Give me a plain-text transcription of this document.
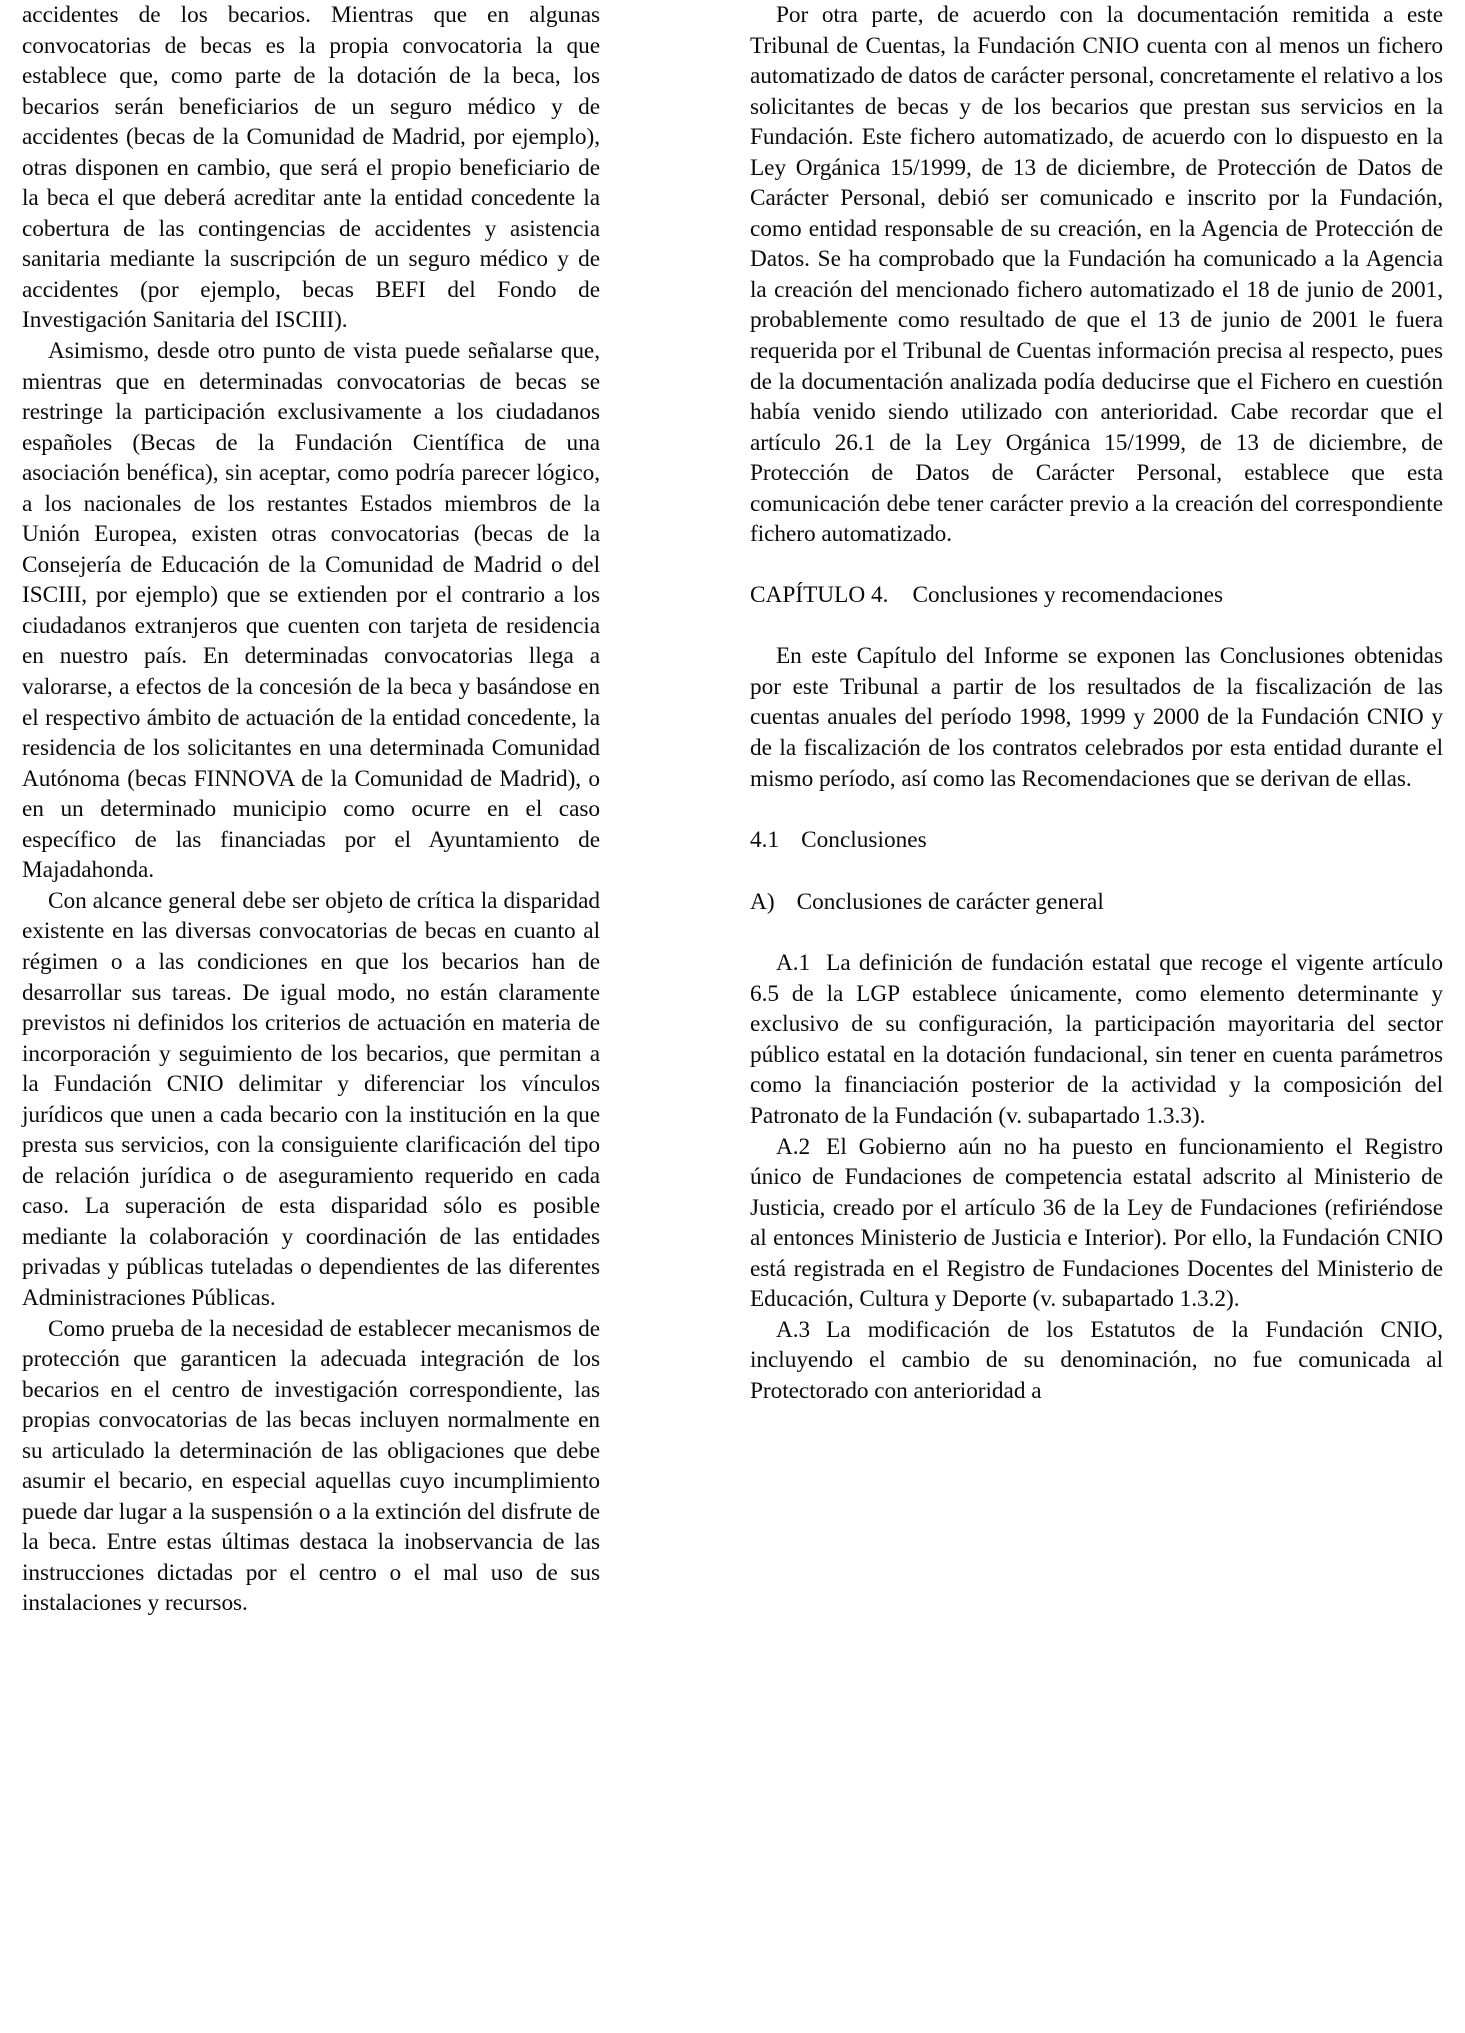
accidentes de los becarios. Mientras que en algunas convocatorias de becas es la propia convocatoria la que establece que, como parte de la dotación de la beca, los becarios serán beneficiarios de un seguro médico y de accidentes (becas de la Comunidad de Madrid, por ejemplo), otras disponen en cambio, que será el propio beneficiario de la beca el que deberá acreditar ante la entidad concedente la cobertura de las contingencias de accidentes y asistencia sanitaria mediante la suscripción de un seguro médico y de accidentes (por ejemplo, becas BEFI del Fondo de Investigación Sanitaria del ISCIII).

Asimismo, desde otro punto de vista puede señalarse que, mientras que en determinadas convocatorias de becas se restringe la participación exclusivamente a los ciudadanos españoles (Becas de la Fundación Científica de una asociación benéfica), sin aceptar, como podría parecer lógico, a los nacionales de los restantes Estados miembros de la Unión Europea, existen otras convocatorias (becas de la Consejería de Educación de la Comunidad de Madrid o del ISCIII, por ejemplo) que se extienden por el contrario a los ciudadanos extranjeros que cuenten con tarjeta de residencia en nuestro país. En determinadas convocatorias llega a valorarse, a efectos de la concesión de la beca y basándose en el respectivo ámbito de actuación de la entidad concedente, la residencia de los solicitantes en una determinada Comunidad Autónoma (becas FINNOVA de la Comunidad de Madrid), o en un determinado municipio como ocurre en el caso específico de las financiadas por el Ayuntamiento de Majadahonda.

Con alcance general debe ser objeto de crítica la disparidad existente en las diversas convocatorias de becas en cuanto al régimen o a las condiciones en que los becarios han de desarrollar sus tareas. De igual modo, no están claramente previstos ni definidos los criterios de actuación en materia de incorporación y seguimiento de los becarios, que permitan a la Fundación CNIO delimitar y diferenciar los vínculos jurídicos que unen a cada becario con la institución en la que presta sus servicios, con la consiguiente clarificación del tipo de relación jurídica o de aseguramiento requerido en cada caso. La superación de esta disparidad sólo es posible mediante la colaboración y coordinación de las entidades privadas y públicas tuteladas o dependientes de las diferentes Administraciones Públicas.

Como prueba de la necesidad de establecer mecanismos de protección que garanticen la adecuada integración de los becarios en el centro de investigación correspondiente, las propias convocatorias de las becas incluyen normalmente en su articulado la determinación de las obligaciones que debe asumir el becario, en especial aquellas cuyo incumplimiento puede dar lugar a la suspensión o a la extinción del disfrute de la beca. Entre estas últimas destaca la inobservancia de las instrucciones dictadas por el centro o el mal uso de sus instalaciones y recursos.

Por otra parte, de acuerdo con la documentación remitida a este Tribunal de Cuentas, la Fundación CNIO cuenta con al menos un fichero automatizado de datos de carácter personal, concretamente el relativo a los solicitantes de becas y de los becarios que prestan sus servicios en la Fundación. Este fichero automatizado, de acuerdo con lo dispuesto en la Ley Orgánica 15/1999, de 13 de diciembre, de Protección de Datos de Carácter Personal, debió ser comunicado e inscrito por la Fundación, como entidad responsable de su creación, en la Agencia de Protección de Datos. Se ha comprobado que la Fundación ha comunicado a la Agencia la creación del mencionado fichero automatizado el 18 de junio de 2001, probablemente como resultado de que el 13 de junio de 2001 le fuera requerida por el Tribunal de Cuentas información precisa al respecto, pues de la documentación analizada podía deducirse que el Fichero en cuestión había venido siendo utilizado con anterioridad. Cabe recordar que el artículo 26.1 de la Ley Orgánica 15/1999, de 13 de diciembre, de Protección de Datos de Carácter Personal, establece que esta comunicación debe tener carácter previo a la creación del correspondiente fichero automatizado.

CAPÍTULO 4. Conclusiones y recomendaciones

En este Capítulo del Informe se exponen las Conclusiones obtenidas por este Tribunal a partir de los resultados de la fiscalización de las cuentas anuales del período 1998, 1999 y 2000 de la Fundación CNIO y de la fiscalización de los contratos celebrados por esta entidad durante el mismo período, así como las Recomendaciones que se derivan de ellas.

4.1 Conclusiones
A) Conclusiones de carácter general

A.1 La definición de fundación estatal que recoge el vigente artículo 6.5 de la LGP establece únicamente, como elemento determinante y exclusivo de su configuración, la participación mayoritaria del sector público estatal en la dotación fundacional, sin tener en cuenta parámetros como la financiación posterior de la actividad y la composición del Patronato de la Fundación (v. subapartado 1.3.3).

A.2 El Gobierno aún no ha puesto en funcionamiento el Registro único de Fundaciones de competencia estatal adscrito al Ministerio de Justicia, creado por el artículo 36 de la Ley de Fundaciones (refiriéndose al entonces Ministerio de Justicia e Interior). Por ello, la Fundación CNIO está registrada en el Registro de Fundaciones Docentes del Ministerio de Educación, Cultura y Deporte (v. subapartado 1.3.2).

A.3 La modificación de los Estatutos de la Fundación CNIO, incluyendo el cambio de su denominación, no fue comunicada al Protectorado con anterioridad a
